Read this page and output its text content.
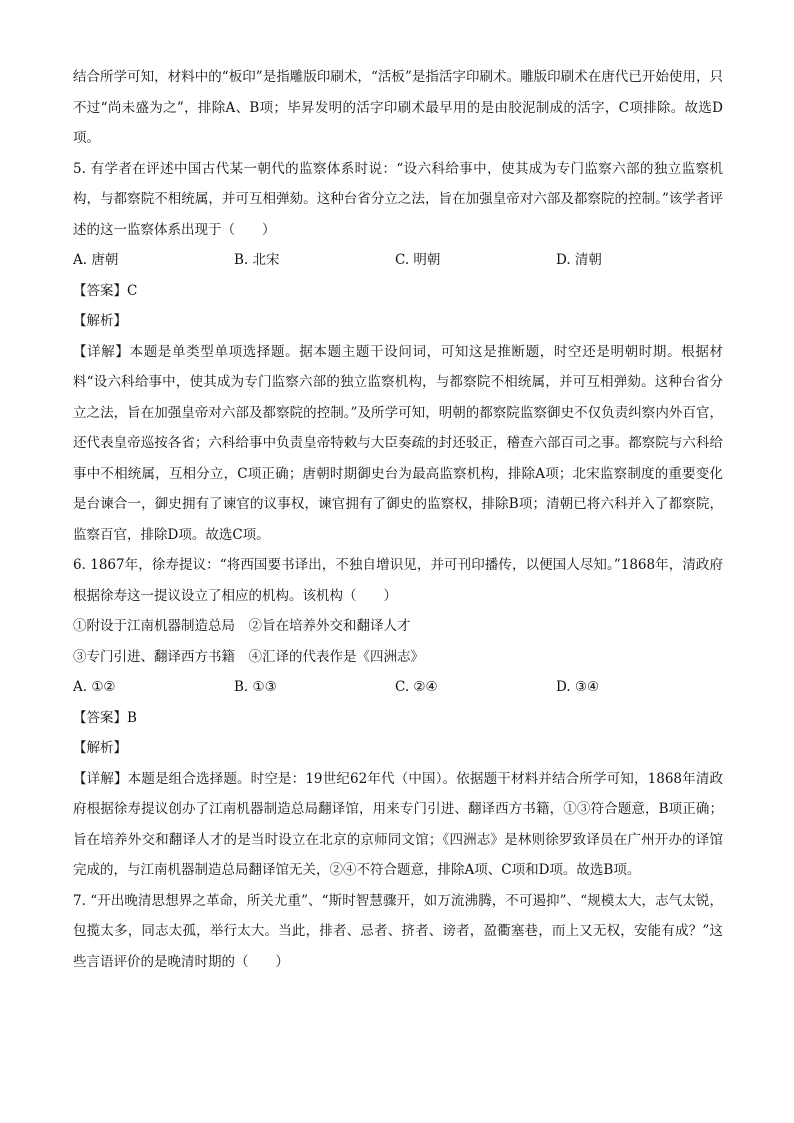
结合所学可知，材料中的“板印”是指雕版印刷术，“活板”是指活字印刷术。雕版印刷术在唐代已开始使用，只不过“尚未盛为之”，排除A、B项；毕昇发明的活字印刷术最早用的是由胶泥制成的活字，C项排除。故选D项。

5. 有学者在评述中国古代某一朝代的监察体系时说：“设六科给事中，使其成为专门监察六部的独立监察机构，与都察院不相统属，并可互相弹劾。这种台省分立之法，旨在加强皇帝对六部及都察院的控制。”该学者评述的这一监察体系出现于（　　）

A. 唐朝	B. 北宋	C. 明朝	D. 清朝

【答案】C

【解析】

【详解】本题是单类型单项选择题。据本题主题干设问词，可知这是推断题，时空还是明朝时期。根据材料“设六科给事中，使其成为专门监察六部的独立监察机构，与都察院不相统属，并可互相弹劾。这种台省分立之法，旨在加强皇帝对六部及都察院的控制。”及所学可知，明朝的都察院监察御史不仅负责纠察内外百官，还代表皇帝巡按各省；六科给事中负责皇帝特敕与大臣奏疏的封还驳正，稽查六部百司之事。都察院与六科给事中不相统属，互相分立，C项正确；唐朝时期御史台为最高监察机构，排除A项；北宋监察制度的重要变化是台谏合一，御史拥有了谏官的议事权，谏官拥有了御史的监察权，排除B项；清朝已将六科并入了都察院，监察百官，排除D项。故选C项。

6. 1867年，徐寿提议：“将西国要书译出，不独自增识见，并可刊印播传，以便国人尽知。”1868年，清政府根据徐寿这一提议设立了相应的机构。该机构（　　）

①附设于江南机器制造总局　②旨在培养外交和翻译人才

③专门引进、翻译西方书籍　④汇译的代表作是《四洲志》

A. ①②	B. ①③	C. ②④	D. ③④

【答案】B

【解析】

【详解】本题是组合选择题。时空是：19世纪62年代（中国）。依据题干材料并结合所学可知，1868年清政府根据徐寿提议创办了江南机器制造总局翻译馆，用来专门引进、翻译西方书籍，①③符合题意，B项正确；旨在培养外交和翻译人才的是当时设立在北京的京师同文馆；《四洲志》是林则徐罗致译员在广州开办的译馆完成的，与江南机器制造总局翻译馆无关，②④不符合题意，排除A项、C项和D项。故选B项。

7. “开出晚清思想界之革命，所关尤重”、“斯时智慧骤开，如万流沸腾，不可遏抑”、“规模太大，志气太锐，包揽太多，同志太孤，举行太大。当此，排者、忌者、挤者、谤者，盈衢塞巷，而上又无权，安能有成？”这些言语评价的是晚清时期的（　　）
